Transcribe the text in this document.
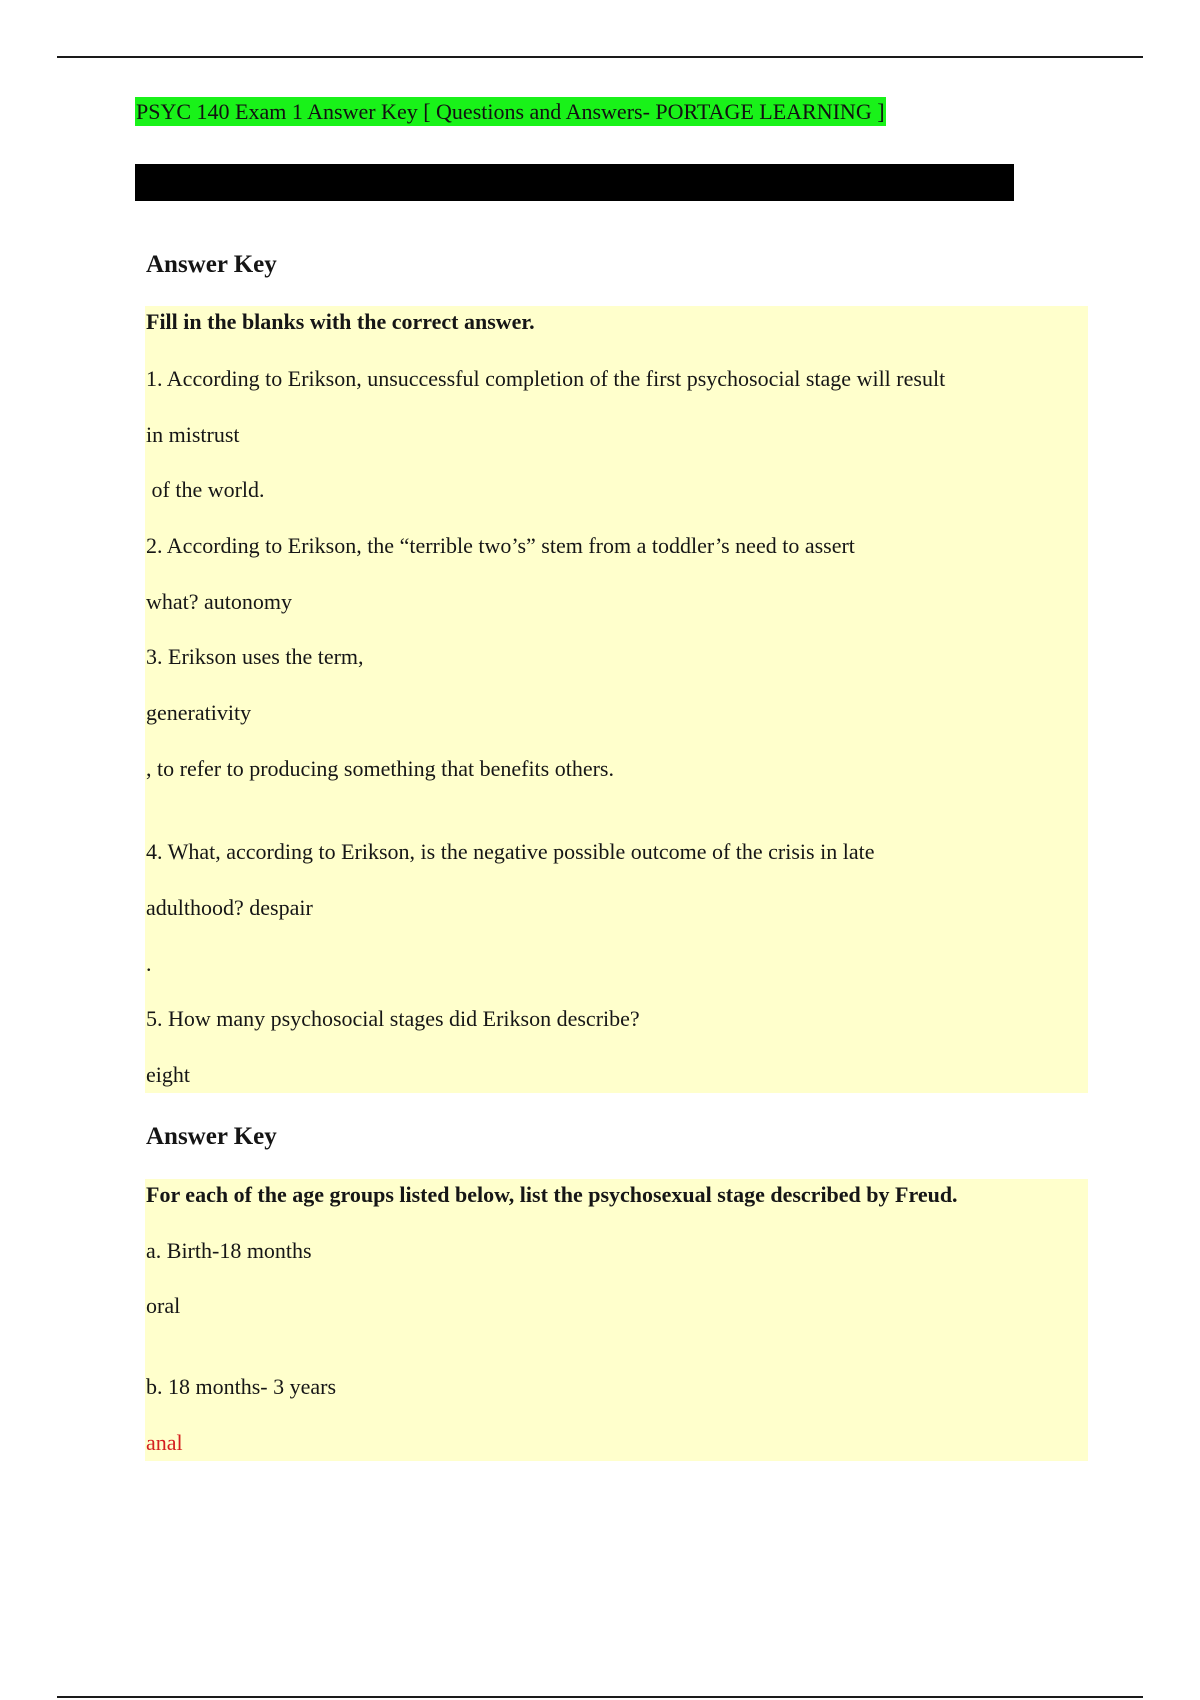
PSYC 140 Exam 1 Answer Key [ Questions and Answers- PORTAGE LEARNING ]
Answer Key
Fill in the blanks with the correct answer.
1. According to Erikson, unsuccessful completion of the first psychosocial stage will result
in mistrust
of the world.
2. According to Erikson, the “terrible two’s” stem from a toddler’s need to assert
what? autonomy
3. Erikson uses the term,
generativity
, to refer to producing something that benefits others.
4. What, according to Erikson, is the negative possible outcome of the crisis in late
adulthood? despair
.
5. How many psychosocial stages did Erikson describe?
eight
Answer Key
For each of the age groups listed below, list the psychosexual stage described by Freud.
a. Birth-18 months
oral
b. 18 months- 3 years
anal
